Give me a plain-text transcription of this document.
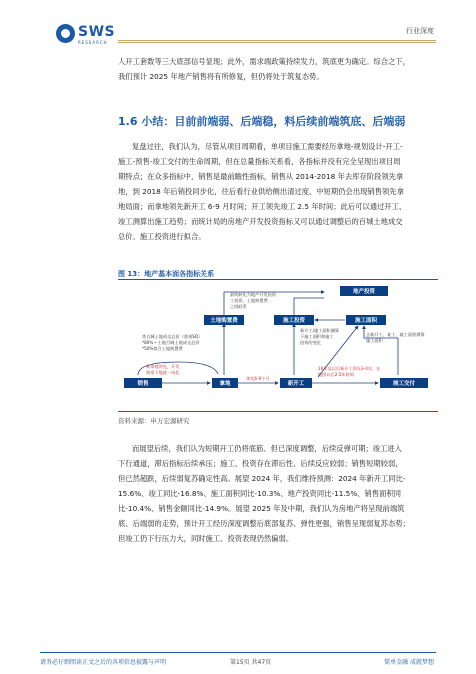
SWS
RESEARCH
行业深度
人开工套数等三大底部信号显现；此外，需求端政策持续发力，筑底更为确定。综合之下，
我们预计 2025 年地产销售将有所修复，但仍将处于筑复态势。
1.6 小结：目前前端弱、后端稳，料后续前端筑底、后端弱
复盘过往，我们认为，尽管从项目周期看，单项目施工需要经历拿地-规划设计-开工-
施工-预售-竣工交付的生命周期，但在总量指标关系看，各指标并没有完全呈现出项目周
期特点；在众多指标中，销售是最前瞻性指标，销售从 2014-2018 年去库存阶段领先拿
地，到 2018 年后销投同步化，往后看行业供给侧出清过度、中短期仍会出现销售领先拿
地局面；而拿地领先新开工 6-9 月时间；开工领先竣工 2.5 年时间；此后可以通过开工、
竣工测算出施工趋势；而统计局的房地产开发投资指标又可以通过调整后的百城土地成交
总价、施工投资进行拟合。
图 13：地产基本面各指标关系
地产投资
土地购置费	施工投资	施工面积
销售	拿地	新开工	竣工交付
最终转化为地产开发投资
工投资、土地购置费
之间联系
类百城土地成交总价（重视SQ）
*80%＋土地百城土地成交总价
*50%拟合土地购置费
新开工/竣工面积测算
下施工面积和施工
投资的变化
去新开工、复工、竣工面积测算
施工面积
新拿地领先，开发
商拿下地就一场化
领先6-9个月
16年及以后新开工领先3-4年，在
地图以后2.5年时间
资料来源：申万宏源研究
而展望后续，我们认为短期开工仍将底筋、但已深度调整，后续反弹可期；竣工进入
下行通道，滞后指标后续承压；施工、投资存在滞后性、后续反应较弱；销售短期较弱，
但已然超跌，后续弱复苏确定性高。展望 2024 年，我们维持预测：2024 年新开工同比-
15.6%、竣工同比-16.8%、施工面积同比-10.3%、地产投资同比-11.5%、销售面积同
比-10.4%、销售金额同比-14.9%。展望 2025 年及中期，我们认为房地产将呈现前端筑
底、后端弱的走势，预计开工经历深度调整后底部复苏、弹性更强，销售呈现弱复苏态势；
但竣工仍下行压力大，同时施工、投资表现仍然偏弱。
请务必仔细阅读正文之后的各项信息披露与声明	第15页 共47页	简单金融 成就梦想
